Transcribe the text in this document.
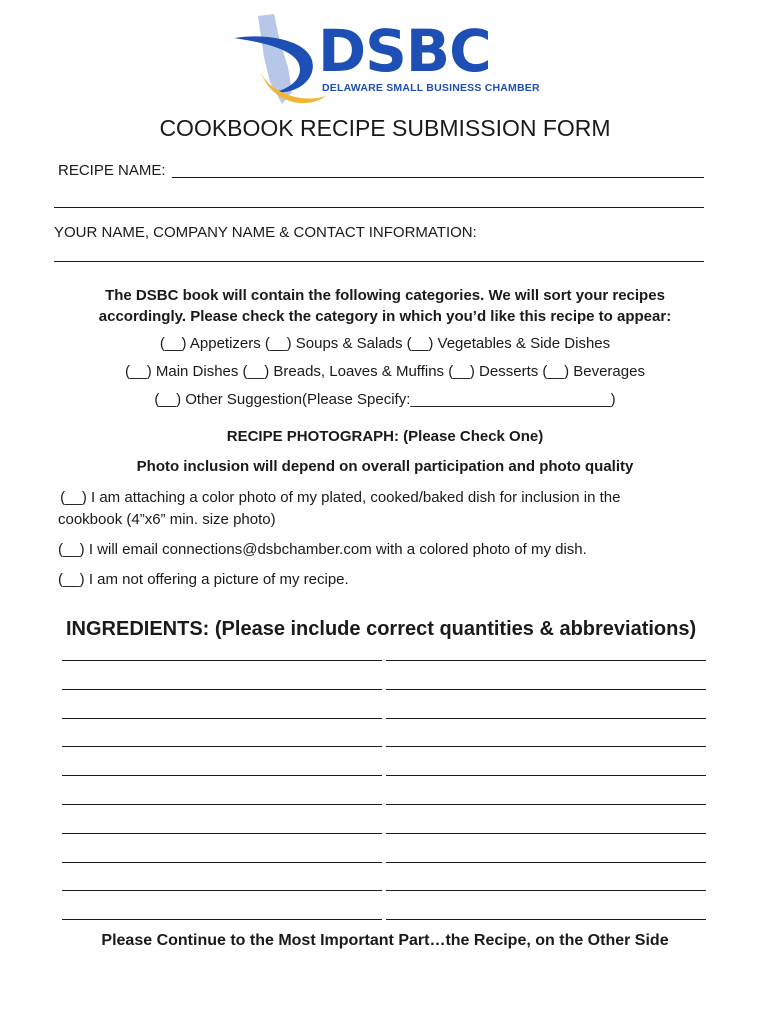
DSBC
DELAWARE SMALL BUSINESS CHAMBER
COOKBOOK RECIPE SUBMISSION FORM
RECIPE NAME:
YOUR NAME, COMPANY NAME & CONTACT INFORMATION:
The DSBC book will contain the following categories. We will sort your recipes
accordingly. Please check the category in which you’d like this recipe to appear:
(__) Appetizers (__) Soups & Salads (__) Vegetables & Side Dishes
(__) Main Dishes (__) Breads, Loaves & Muffins (__) Desserts (__) Beverages
(__) Other Suggestion(Please Specify:________________________)
RECIPE PHOTOGRAPH: (Please Check One)
Photo inclusion will depend on overall participation and photo quality
(__) I am attaching a color photo of my plated, cooked/baked dish for inclusion in the
cookbook (4”x6” min. size photo)
(__) I will email connections@dsbchamber.com with a colored photo of my dish.
(__) I am not offering a picture of my recipe.
INGREDIENTS: (Please include correct quantities & abbreviations)
Please Continue to the Most Important Part…the Recipe, on the Other Side
